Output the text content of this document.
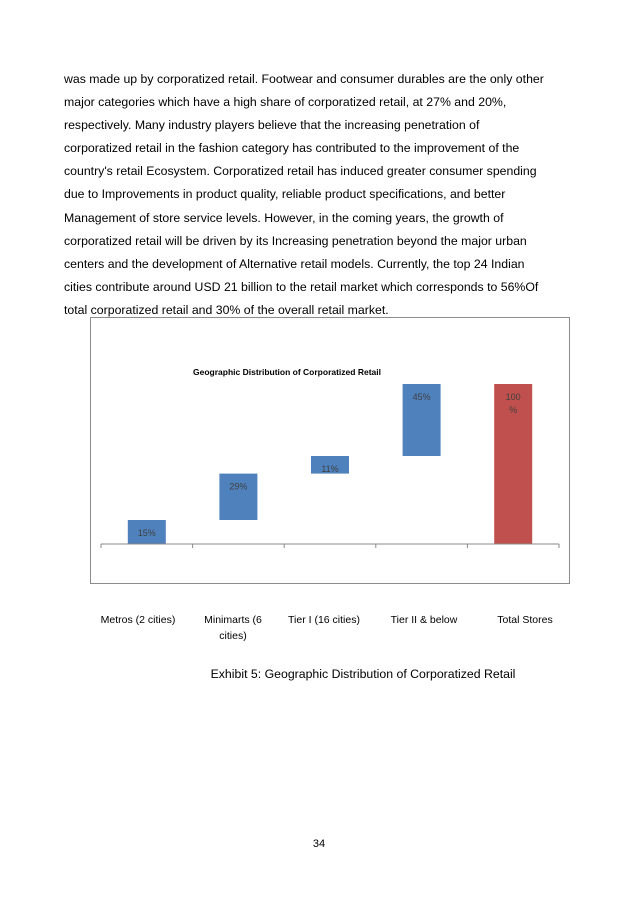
was made up by corporatized retail. Footwear and consumer durables are the only other
major categories which have a high share of corporatized retail, at 27% and 20%,
respectively. Many industry players believe that the increasing penetration of
corporatized retail in the fashion category has contributed to the improvement of the
country's retail Ecosystem. Corporatized retail has induced greater consumer spending
due to Improvements in product quality, reliable product specifications, and better
Management of store service levels. However, in the coming years, the growth of
corporatized retail will be driven by its Increasing penetration beyond the major urban
centers and the development of Alternative retail models. Currently, the top 24 Indian
cities contribute around USD 21 billion to the retail market which corresponds to 56%Of
total corporatized retail and 30% of the overall retail market.
Geographic Distribution of Corporatized Retail
15%
29%
11%
45%	100
%
Metros (2 cities)	Minimarts (6
cities)
Tier I (16 cities)	Tier II & below	Total Stores
Exhibit 5: Geographic Distribution of Corporatized Retail
34
